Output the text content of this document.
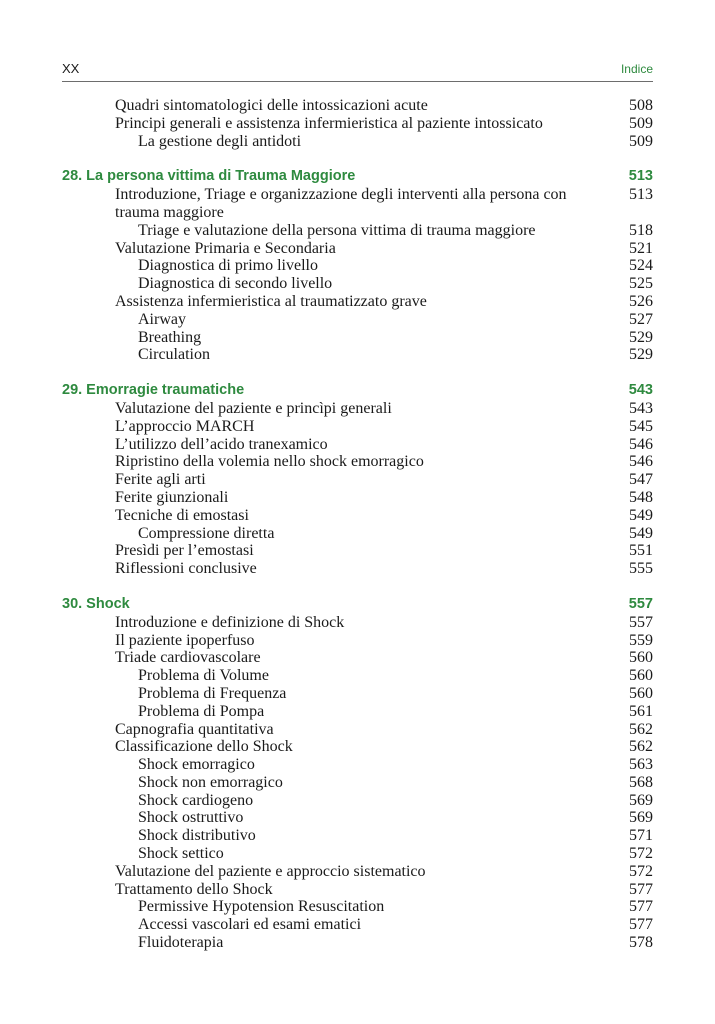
XX	Indice
Quadri sintomatologici delle intossicazioni acute	508
Principi generali e assistenza infermieristica al paziente intossicato	509
La gestione degli antidoti	509
28. La persona vittima di Trauma Maggiore	513
Introduzione, Triage e organizzazione degli interventi alla persona con trauma maggiore
513
Triage e valutazione della persona vittima di trauma maggiore	518
Valutazione Primaria e Secondaria	521
Diagnostica di primo livello	524
Diagnostica di secondo livello	525
Assistenza infermieristica al traumatizzato grave	526
Airway	527
Breathing	529
Circulation	529
29. Emorragie traumatiche	543
Valutazione del paziente e princìpi generali	543
L’approccio MARCH	545
L’utilizzo dell’acido tranexamico	546
Ripristino della volemia nello shock emorragico	546
Ferite agli arti	547
Ferite giunzionali	548
Tecniche di emostasi	549
Compressione diretta	549
Presìdi per l’emostasi	551
Riflessioni conclusive	555
30. Shock	557
Introduzione e definizione di Shock	557
Il paziente ipoperfuso	559
Triade cardiovascolare	560
Problema di Volume	560
Problema di Frequenza	560
Problema di Pompa	561
Capnografia quantitativa	562
Classificazione dello Shock	562
Shock emorragico	563
Shock non emorragico	568
Shock cardiogeno	569
Shock ostruttivo	569
Shock distributivo	571
Shock settico	572
Valutazione del paziente e approccio sistematico	572
Trattamento dello Shock	577
Permissive Hypotension Resuscitation	577
Accessi vascolari ed esami ematici	577
Fluidoterapia	578
